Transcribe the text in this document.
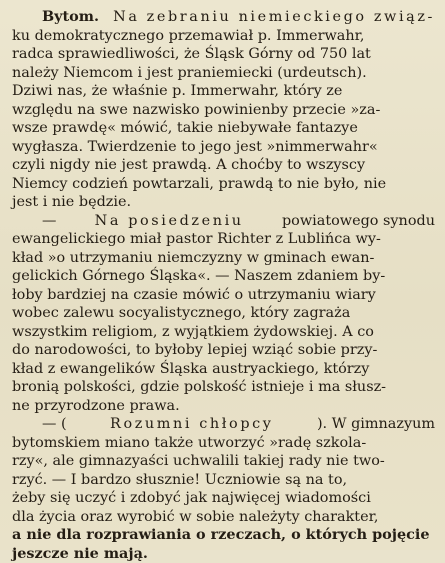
Bytom. Na zebraniu niemieckiego związ-
ku demokratycznego przemawiał p. Immerwahr,
radca sprawiedliwości, że Śląsk Górny od 750 lat
należy Niemcom i jest praniemiecki (urdeutsch).
Dziwi nas, że właśnie p. Immerwahr, który ze
względu na swe nazwisko powinienby przecie »za-
wsze prawdę« mówić, takie niebywałe fantazye
wygłasza. Twierdzenie to jego jest »nimmerwahr«
czyli nigdy nie jest prawdą. A choćby to wszyscy
Niemcy codzień powtarzali, prawdą to nie było, nie
jest i nie będzie.
—	Na posiedzeniu	powiatowego synodu
ewangelickiego miał pastor Richter z Lublińca wy-
kład »o utrzymaniu niemczyzny w gminach ewan-
gelickich Górnego Śląska«. — Naszem zdaniem by-
łoby bardziej na czasie mówić o utrzymaniu wiary
wobec zalewu socyalistycznego, który zagraża
wszystkim religiom, z wyjątkiem żydowskiej. A co
do narodowości, to byłoby lepiej wziąć sobie przy-
kład z ewangelików Śląska austryackiego, którzy
bronią polskości, gdzie polskość istnieje i ma słusz-
ne przyrodzone prawa.
— (	Rozumni chłopcy	). W gimnazyum
bytomskiem miano także utworzyć »radę szkola-
rzy«, ale gimnazyaści uchwalili takiej rady nie two-
rzyć. — I bardzo słusznie! Uczniowie są na to,
żeby się uczyć i zdobyć jak najwięcej wiadomości
dla życia oraz wyrobić w sobie należyty charakter,
a nie dla rozprawiania o rzeczach, o których pojęcie
jeszcze nie mają.
